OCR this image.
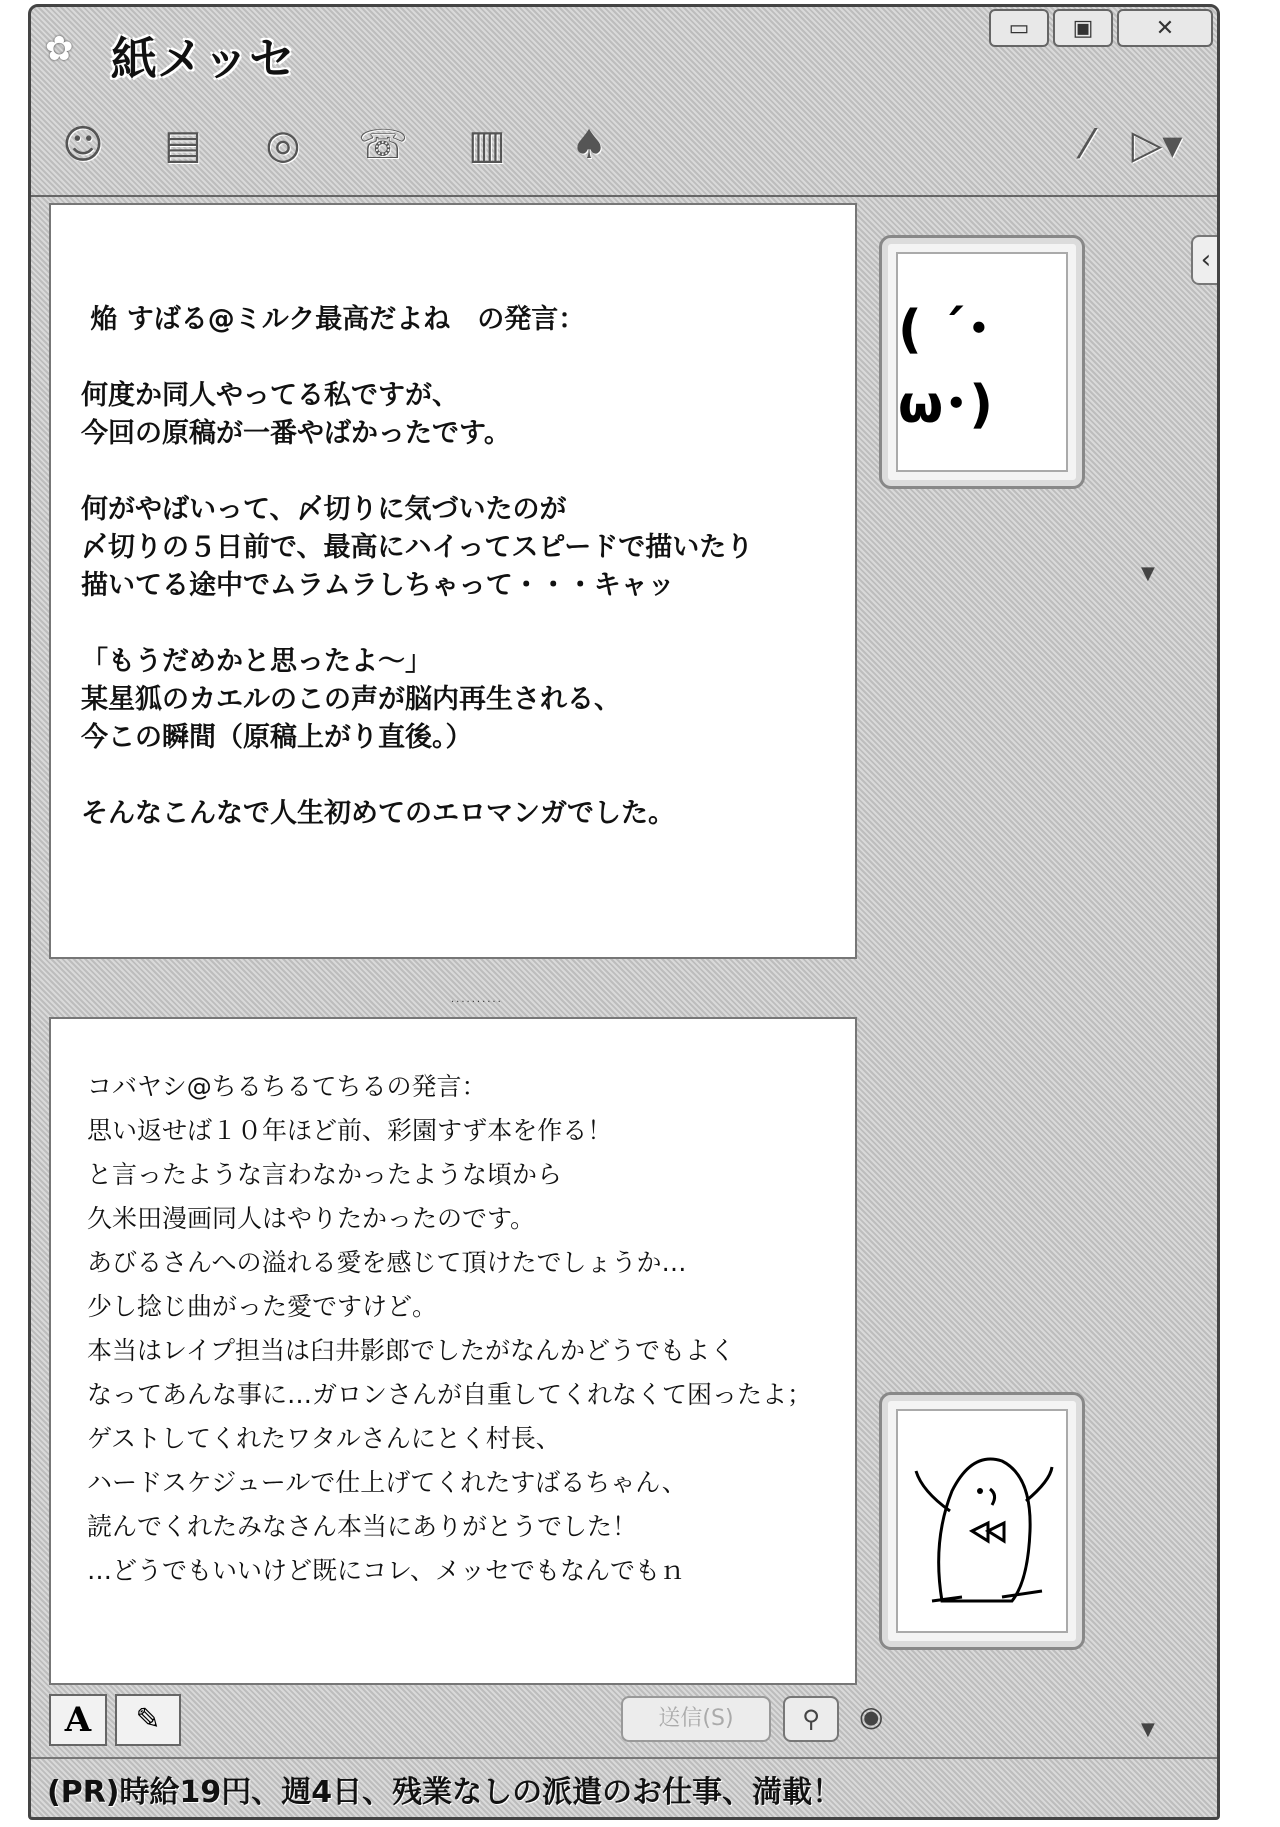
✿ 紙メッセ
▭ ▣	✕
☺ ▤	◎	☏ ▥	♠	⁄	▷▾
焔 すばる@ミルク最高だよね　の発言：
何度か同人やってる私ですが、
今回の原稿が一番やばかったです。
何がやばいって、〆切りに気づいたのが
〆切りの５日前で、最高にハイってスピードで描いたり
描いてる途中でムラムラしちゃって・・・キャッ
「もうだめかと思ったよ～」
某星狐のカエルのこの声が脳内再生される、
今この瞬間（原稿上がり直後。）
そんなこんなで人生初めてのエロマンガでした。
··········
コバヤシ@ちるちるてちるの発言：
思い返せば１０年ほど前、彩園すず本を作る！
と言ったような言わなかったような頃から
久米田漫画同人はやりたかったのです。
あびるさんへの溢れる愛を感じて頂けたでしょうか…
少し捻じ曲がった愛ですけど。
本当はレイプ担当は臼井影郎でしたがなんかどうでもよく
なってあんな事に…ガロンさんが自重してくれなくて困ったよ；
ゲストしてくれたワタルさんにとく村長、
ハードスケジュールで仕上げてくれたすばるちゃん、
読んでくれたみなさん本当にありがとうでした！
…どうでもいいけど既にコレ、メッセでもなんでもｎ
( ´･ω･)
‹
▼
▼
A	✎	送信(S)	⚲	◉
(PR)時給19円、週4日、残業なしの派遣のお仕事、満載！
